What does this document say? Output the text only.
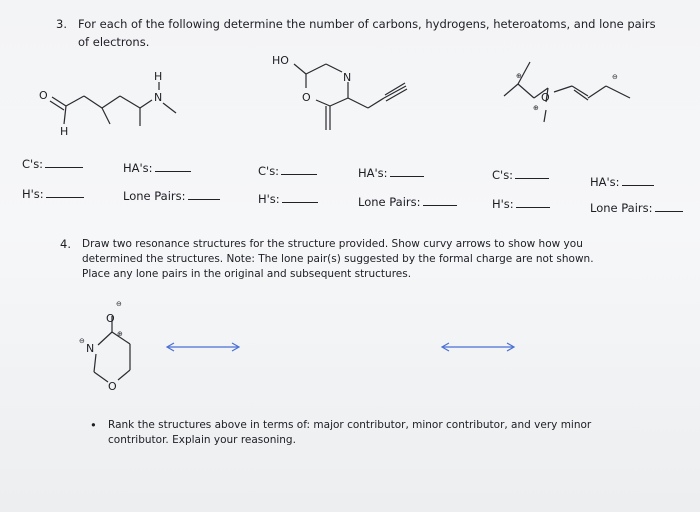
3. For each of the following determine the number of carbons, hydrogens, heteroatoms, and lone pairs
of electrons.
O
H
H
N
HO
N
O	O
⊕
⊕
⊖
O
⊖
⊕
N
⊖
O
C's:
H's:
HA's:
Lone Pairs:
C's:
H's:
HA's:
Lone Pairs:
C's:
H's:
HA's:
Lone Pairs:
4. Draw two resonance structures for the structure provided. Show curvy arrows to show how you
determined the structures. Note: The lone pair(s) suggested by the formal charge are not shown.
Place any lone pairs in the original and subsequent structures.
• Rank the structures above in terms of: major contributor, minor contributor, and very minor
contributor. Explain your reasoning.
